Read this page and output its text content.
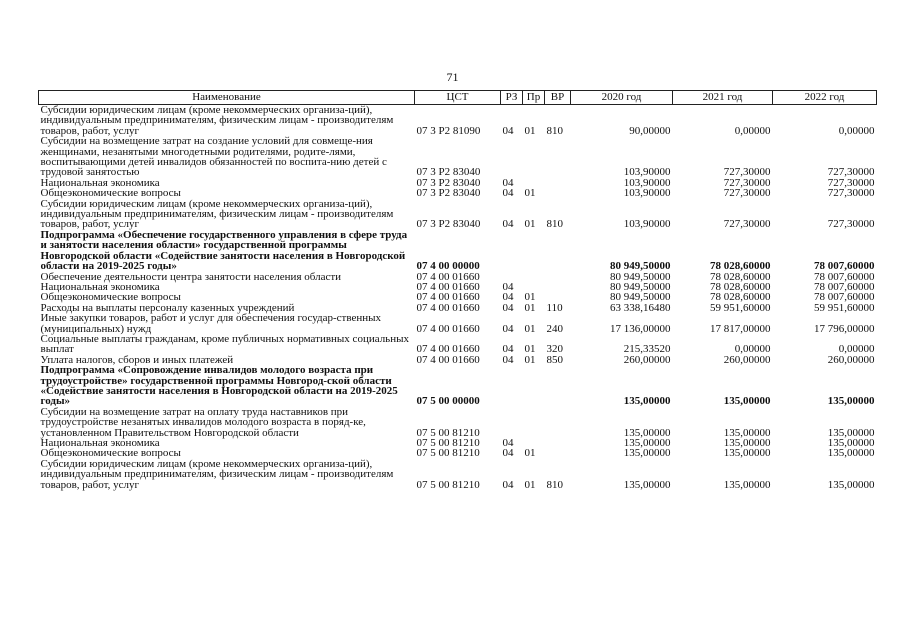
71
Наименование	ЦСТ	РЗ	Пр	ВР	2020 год	2021 год	2022 год
Субсидии юридическим лицам (кроме некоммерческих организа-ций), индивидуальным предпринимателям, физическим лицам - производителям товаров, работ, услуг	07 3 Р2 81090	04	01	810	90,00000	0,00000	0,00000
Субсидии на возмещение затрат на создание условий для совмеще-ния женщинами, незанятыми многодетными родителями, родите-лями, воспитывающими детей инвалидов обязанностей по воспита-нию детей с трудовой занятостью	07 3 Р2 83040				103,90000	727,30000	727,30000
Национальная экономика	07 3 Р2 83040	04			103,90000	727,30000	727,30000
Общеэкономические вопросы	07 3 Р2 83040	04	01		103,90000	727,30000	727,30000
Субсидии юридическим лицам (кроме некоммерческих организа-ций), индивидуальным предпринимателям, физическим лицам - производителям товаров, работ, услуг	07 3 Р2 83040	04	01	810	103,90000	727,30000	727,30000
Подпрограмма «Обеспечение государственного управления в сфере труда и занятости населения области» государственной программы Новгородской области «Содействие занятости населения в Новгородской области на 2019-2025 годы»	07 4 00 00000				80 949,50000	78 028,60000	78 007,60000
Обеспечение деятельности центра занятости населения области	07 4 00 01660				80 949,50000	78 028,60000	78 007,60000
Национальная экономика	07 4 00 01660	04			80 949,50000	78 028,60000	78 007,60000
Общеэкономические вопросы	07 4 00 01660	04	01		80 949,50000	78 028,60000	78 007,60000
Расходы на выплаты персоналу казенных учреждений	07 4 00 01660	04	01	110	63 338,16480	59 951,60000	59 951,60000
Иные закупки товаров, работ и услуг для обеспечения государ-ственных (муниципальных) нужд	07 4 00 01660	04	01	240	17 136,00000	17 817,00000	17 796,00000
Социальные выплаты гражданам, кроме публичных нормативных социальных выплат	07 4 00 01660	04	01	320	215,33520	0,00000	0,00000
Уплата налогов, сборов и иных платежей	07 4 00 01660	04	01	850	260,00000	260,00000	260,00000
Подпрограмма «Сопровождение инвалидов молодого возраста при трудоустройстве» государственной программы Новгород-ской области «Содействие занятости населения в Новгородской области на 2019-2025 годы»	07 5 00 00000				135,00000	135,00000	135,00000
Субсидии на возмещение затрат на оплату труда наставников при трудоустройстве незанятых инвалидов молодого возраста в поряд-ке, установленном Правительством Новгородской области	07 5 00 81210				135,00000	135,00000	135,00000
Национальная экономика	07 5 00 81210	04			135,00000	135,00000	135,00000
Общеэкономические вопросы	07 5 00 81210	04	01		135,00000	135,00000	135,00000
Субсидии юридическим лицам (кроме некоммерческих организа-ций), индивидуальным предпринимателям, физическим лицам - производителям товаров, работ, услуг	07 5 00 81210	04	01	810	135,00000	135,00000	135,00000
